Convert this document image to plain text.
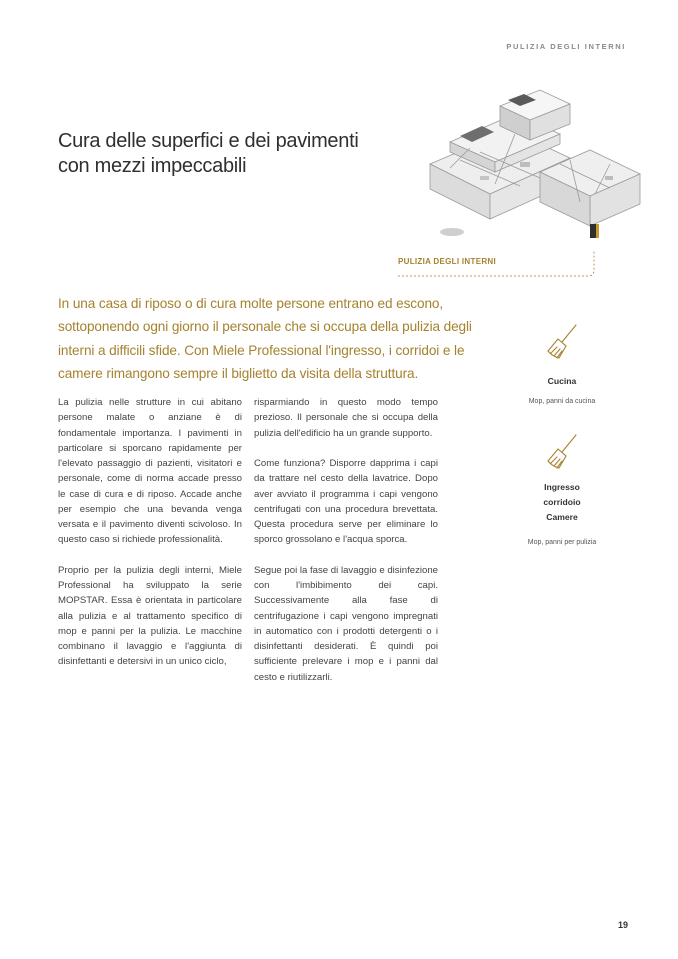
PULIZIA DEGLI INTERNI
Cura delle superfici e dei pavimenti
con mezzi impeccabili
PULIZIA DEGLI INTERNI
In una casa di riposo o di cura molte persone entrano ed escono, sottoponendo ogni giorno il personale che si occupa della pulizia degli interni a difficili sfide. Con Miele Professional l'ingresso, i corridoi e le camere rimangono sempre il biglietto da visita della struttura.

La pulizia nelle strutture in cui abitano persone malate o anziane è di fondamentale importanza. I pavimenti in particolare si sporcano rapidamente per l'elevato passaggio di pazienti, visitatori e personale, come di norma accade presso le case di cura e di riposo. Accade anche per esempio che una bevanda venga versata e il pavimento diventi scivoloso. In questo caso si richiede professionalità.

Proprio per la pulizia degli interni, Miele Professional ha sviluppato la serie MOPSTAR. Essa è orientata in particolare alla pulizia e al trattamento specifico di mop e panni per la pulizia. Le macchine combinano il lavaggio e l'aggiunta di disinfettanti e detersivi in un unico ciclo,

risparmiando in questo modo tempo prezioso. Il personale che si occupa della pulizia dell'edificio ha un grande supporto.

Come funziona? Disporre dapprima i capi da trattare nel cesto della lavatrice. Dopo aver avviato il programma i capi vengono centrifugati con una procedura brevettata. Questa procedura serve per eliminare lo sporco grossolano e l'acqua sporca.

Segue poi la fase di lavaggio e disinfezione con l'imbibimento dei capi. Successivamente alla fase di centrifugazione i capi vengono impregnati in automatico con i prodotti detergenti o i disinfettanti desiderati. È quindi poi sufficiente prelevare i mop e i panni dal cesto e riutilizzarli.

Cucina
Mop, panni da cucina
Ingresso
corridoio
Camere
Mop, panni per pulizia
19
